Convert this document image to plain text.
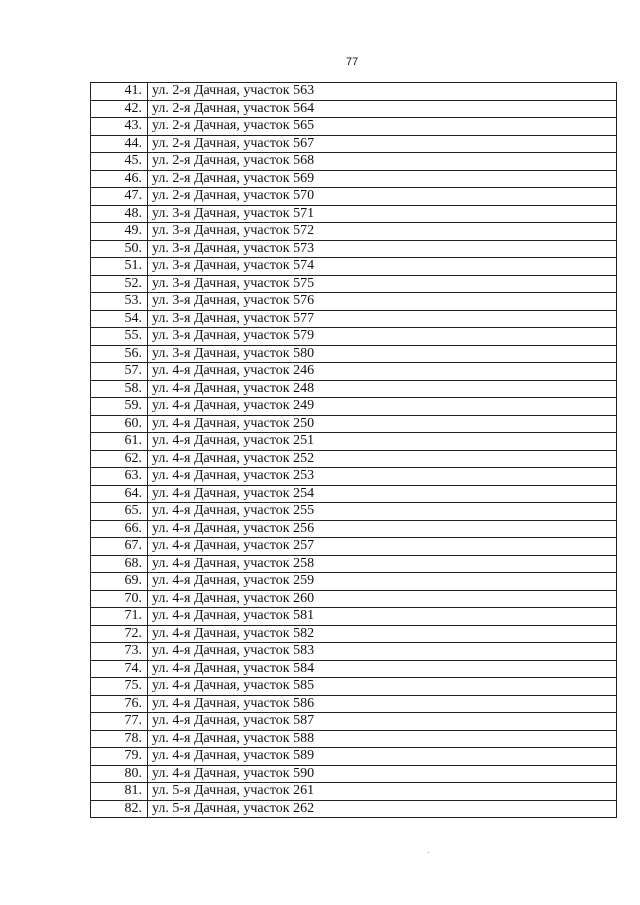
77
41.	ул. 2-я Дачная, участок 563
42.	ул. 2-я Дачная, участок 564
43.	ул. 2-я Дачная, участок 565
44.	ул. 2-я Дачная, участок 567
45.	ул. 2-я Дачная, участок 568
46.	ул. 2-я Дачная, участок 569
47.	ул. 2-я Дачная, участок 570
48.	ул. 3-я Дачная, участок 571
49.	ул. 3-я Дачная, участок 572
50.	ул. 3-я Дачная, участок 573
51.	ул. 3-я Дачная, участок 574
52.	ул. 3-я Дачная, участок 575
53.	ул. 3-я Дачная, участок 576
54.	ул. 3-я Дачная, участок 577
55.	ул. 3-я Дачная, участок 579
56.	ул. 3-я Дачная, участок 580
57.	ул. 4-я Дачная, участок 246
58.	ул. 4-я Дачная, участок 248
59.	ул. 4-я Дачная, участок 249
60.	ул. 4-я Дачная, участок 250
61.	ул. 4-я Дачная, участок 251
62.	ул. 4-я Дачная, участок 252
63.	ул. 4-я Дачная, участок 253
64.	ул. 4-я Дачная, участок 254
65.	ул. 4-я Дачная, участок 255
66.	ул. 4-я Дачная, участок 256
67.	ул. 4-я Дачная, участок 257
68.	ул. 4-я Дачная, участок 258
69.	ул. 4-я Дачная, участок 259
70.	ул. 4-я Дачная, участок 260
71.	ул. 4-я Дачная, участок 581
72.	ул. 4-я Дачная, участок 582
73.	ул. 4-я Дачная, участок 583
74.	ул. 4-я Дачная, участок 584
75.	ул. 4-я Дачная, участок 585
76.	ул. 4-я Дачная, участок 586
77.	ул. 4-я Дачная, участок 587
78.	ул. 4-я Дачная, участок 588
79.	ул. 4-я Дачная, участок 589
80.	ул. 4-я Дачная, участок 590
81.	ул. 5-я Дачная, участок 261
82.	ул. 5-я Дачная, участок 262
